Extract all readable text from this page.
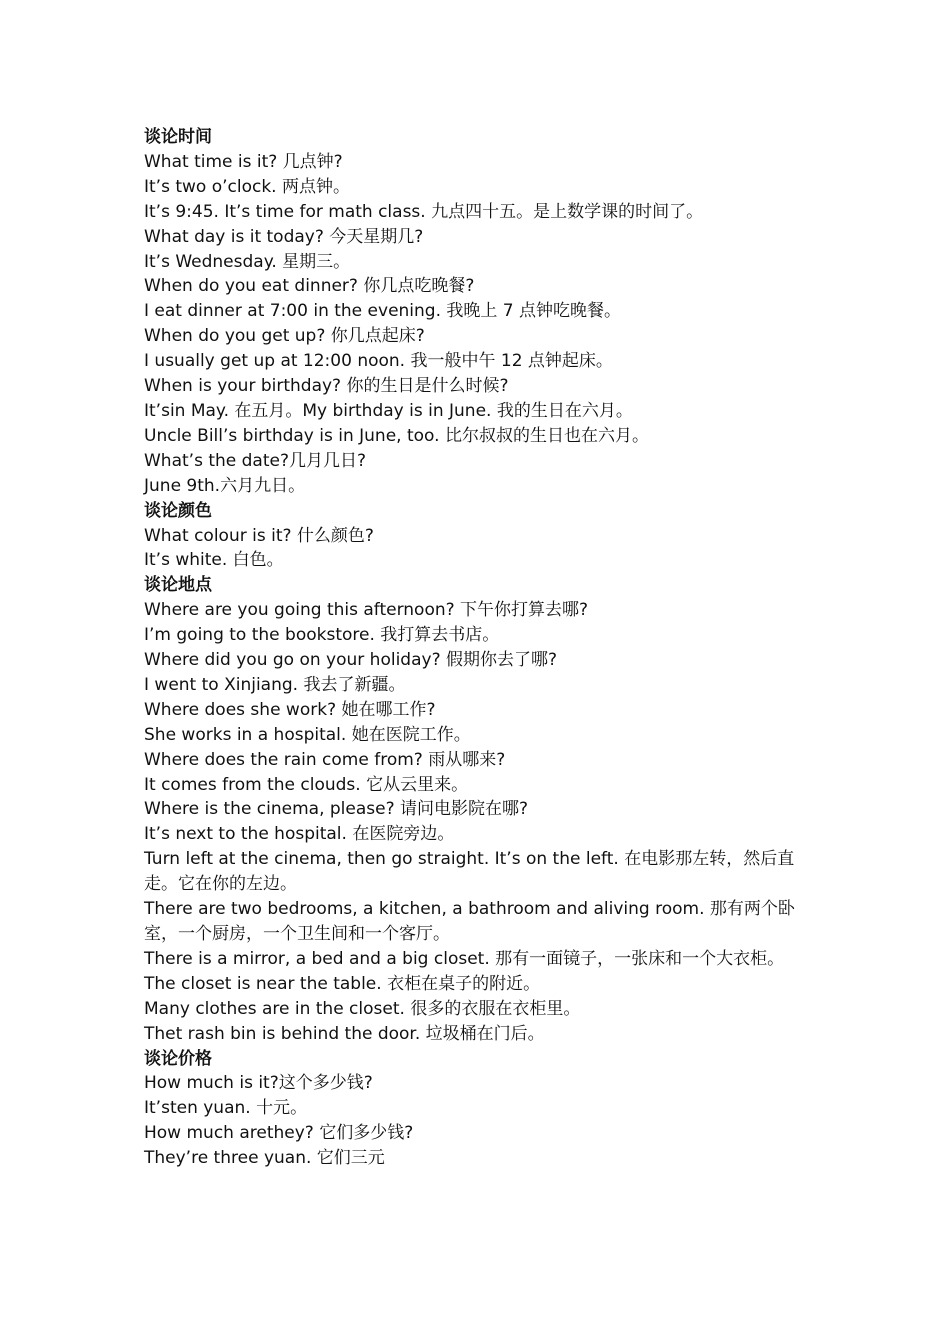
谈论时间
What time is it? 几点钟?
It’s two o’clock. 两点钟。
It’s 9:45. It’s time for math class. 九点四十五。是上数学课的时间了。
What day is it today? 今天星期几?
It’s Wednesday. 星期三。
When do you eat dinner? 你几点吃晚餐?
I eat dinner at 7:00 in the evening. 我晚上 7 点钟吃晚餐。
When do you get up? 你几点起床?
I usually get up at 12:00 noon. 我一般中午 12 点钟起床。
When is your birthday? 你的生日是什么时候?
It’sin May. 在五月。My birthday is in June. 我的生日在六月。
Uncle Bill’s birthday is in June, too. 比尔叔叔的生日也在六月。
What’s the date?几月几日?
June 9th.六月九日。
谈论颜色
What colour is it? 什么颜色?
It’s white. 白色。
谈论地点
Where are you going this afternoon? 下午你打算去哪?
I’m going to the bookstore. 我打算去书店。
Where did you go on your holiday? 假期你去了哪?
I went to Xinjiang. 我去了新疆。
Where does she work? 她在哪工作?
She works in a hospital. 她在医院工作。
Where does the rain come from? 雨从哪来?
It comes from the clouds. 它从云里来。
Where is the cinema, please? 请问电影院在哪?
It’s next to the hospital. 在医院旁边。
Turn left at the cinema, then go straight. It’s on the left. 在电影那左转，然后直走。它在你的左边。
There are two bedrooms, a kitchen, a bathroom and aliving room. 那有两个卧室，一个厨房，一个卫生间和一个客厅。
There is a mirror, a bed and a big closet. 那有一面镜子，一张床和一个大衣柜。
The closet is near the table. 衣柜在桌子的附近。
Many clothes are in the closet. 很多的衣服在衣柜里。
Thet rash bin is behind the door. 垃圾桶在门后。
谈论价格
How much is it?这个多少钱?
It’sten yuan. 十元。
How much arethey? 它们多少钱?
They’re three yuan. 它们三元
